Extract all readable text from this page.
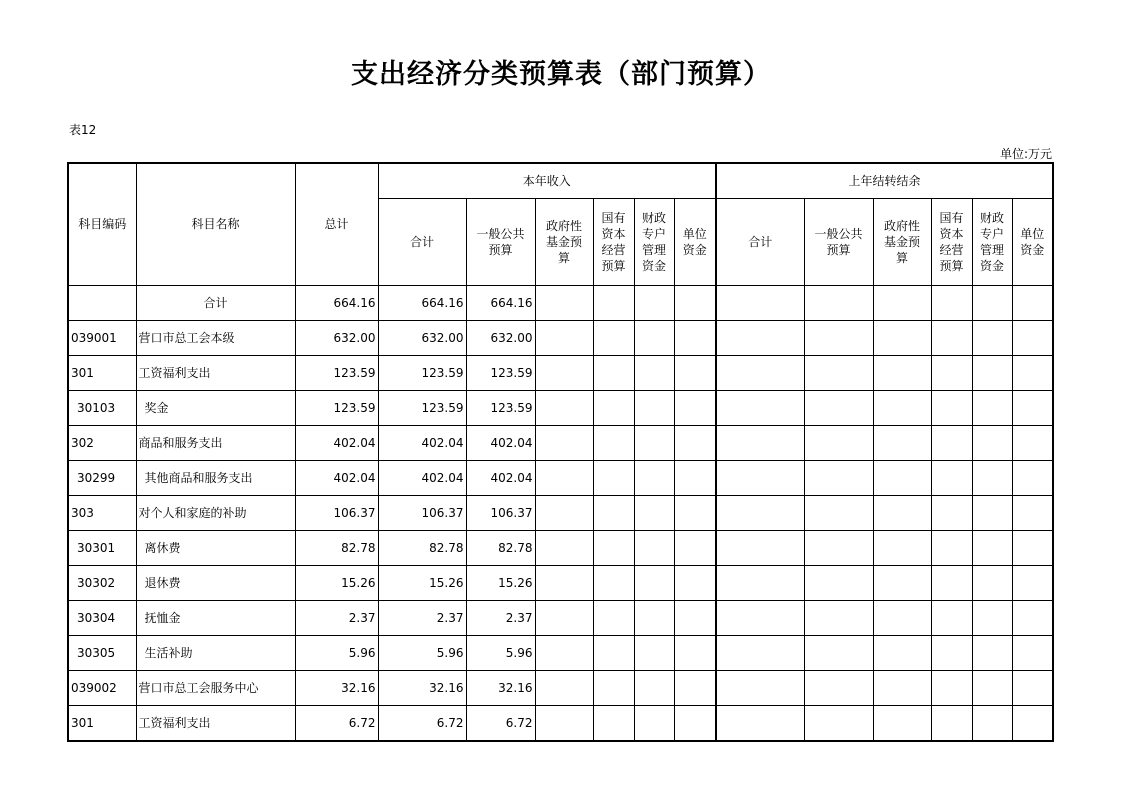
支出经济分类预算表（部门预算）
表12
单位:万元
科目编码	科目名称	总计	本年收入						上年结转结余					
			合计	一般公共预算	政府性基金预算	国有资本经营预算	财政专户管理资金	单位资金	合计	一般公共预算	政府性基金预算	国有资本经营预算	财政专户管理资金	单位资金
	合计	664.16	664.16	664.16										
039001	营口市总工会本级	632.00	632.00	632.00										
301	工资福利支出	123.59	123.59	123.59										
30103	奖金	123.59	123.59	123.59										
302	商品和服务支出	402.04	402.04	402.04										
30299	其他商品和服务支出	402.04	402.04	402.04										
303	对个人和家庭的补助	106.37	106.37	106.37										
30301	离休费	82.78	82.78	82.78										
30302	退休费	15.26	15.26	15.26										
30304	抚恤金	2.37	2.37	2.37										
30305	生活补助	5.96	5.96	5.96										
039002	营口市总工会服务中心	32.16	32.16	32.16										
301	工资福利支出	6.72	6.72	6.72										
